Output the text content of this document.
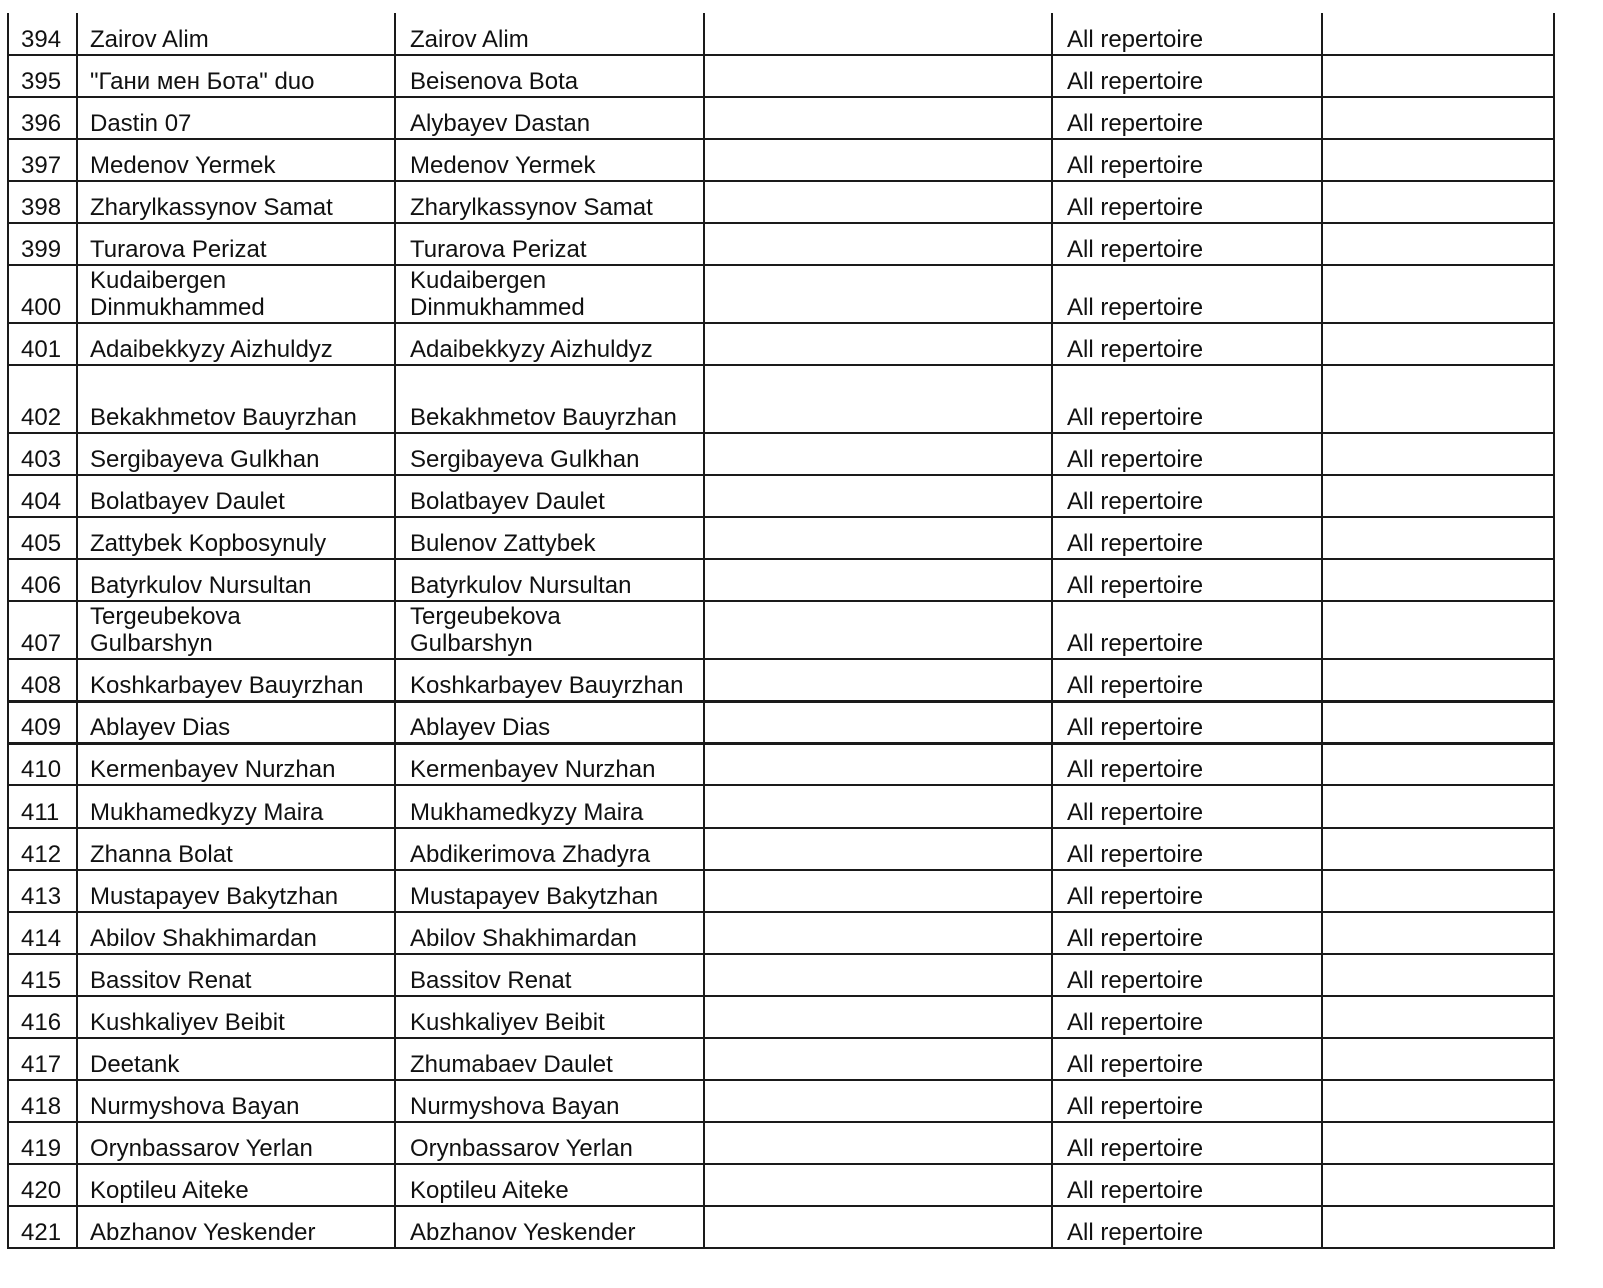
394	Zairov Alim	Zairov Alim		All repertoire	

395	"Гани мен Бота" duo	Beisenova Bota		All repertoire	

396	Dastin 07	Alybayev Dastan		All repertoire	

397	Medenov Yermek	Medenov Yermek		All repertoire	

398	Zharylkassynov Samat	Zharylkassynov Samat		All repertoire	

399	Turarova Perizat	Turarova Perizat		All repertoire	

400	Kudaibergen Dinmukhammed	Kudaibergen Dinmukhammed		All repertoire	

401	Adaibekkyzy Aizhuldyz	Adaibekkyzy Aizhuldyz		All repertoire	

402	Bekakhmetov Bauyrzhan	Bekakhmetov Bauyrzhan		All repertoire	

403	Sergibayeva Gulkhan	Sergibayeva Gulkhan		All repertoire	

404	Bolatbayev Daulet	Bolatbayev Daulet		All repertoire	

405	Zattybek Kopbosynuly	Bulenov Zattybek		All repertoire	

406	Batyrkulov Nursultan	Batyrkulov Nursultan		All repertoire	

407	Tergeubekova Gulbarshyn	Tergeubekova Gulbarshyn		All repertoire	

408	Koshkarbayev Bauyrzhan	Koshkarbayev Bauyrzhan		All repertoire	

409	Ablayev Dias	Ablayev Dias		All repertoire	

410	Kermenbayev Nurzhan	Kermenbayev Nurzhan		All repertoire	

411	Mukhamedkyzy Maira	Mukhamedkyzy Maira		All repertoire	

412	Zhanna Bolat	Abdikerimova Zhadyra		All repertoire	

413	Mustapayev Bakytzhan	Mustapayev Bakytzhan		All repertoire	

414	Abilov Shakhimardan	Abilov Shakhimardan		All repertoire	

415	Bassitov Renat	Bassitov Renat		All repertoire	

416	Kushkaliyev Beibit	Kushkaliyev Beibit		All repertoire	

417	Deetank	Zhumabaev Daulet		All repertoire	

418	Nurmyshova Bayan	Nurmyshova Bayan		All repertoire	

419	Orynbassarov Yerlan	Orynbassarov Yerlan		All repertoire	

420	Koptileu Aiteke	Koptileu Aiteke		All repertoire	

421	Abzhanov Yeskender	Abzhanov Yeskender		All repertoire	
